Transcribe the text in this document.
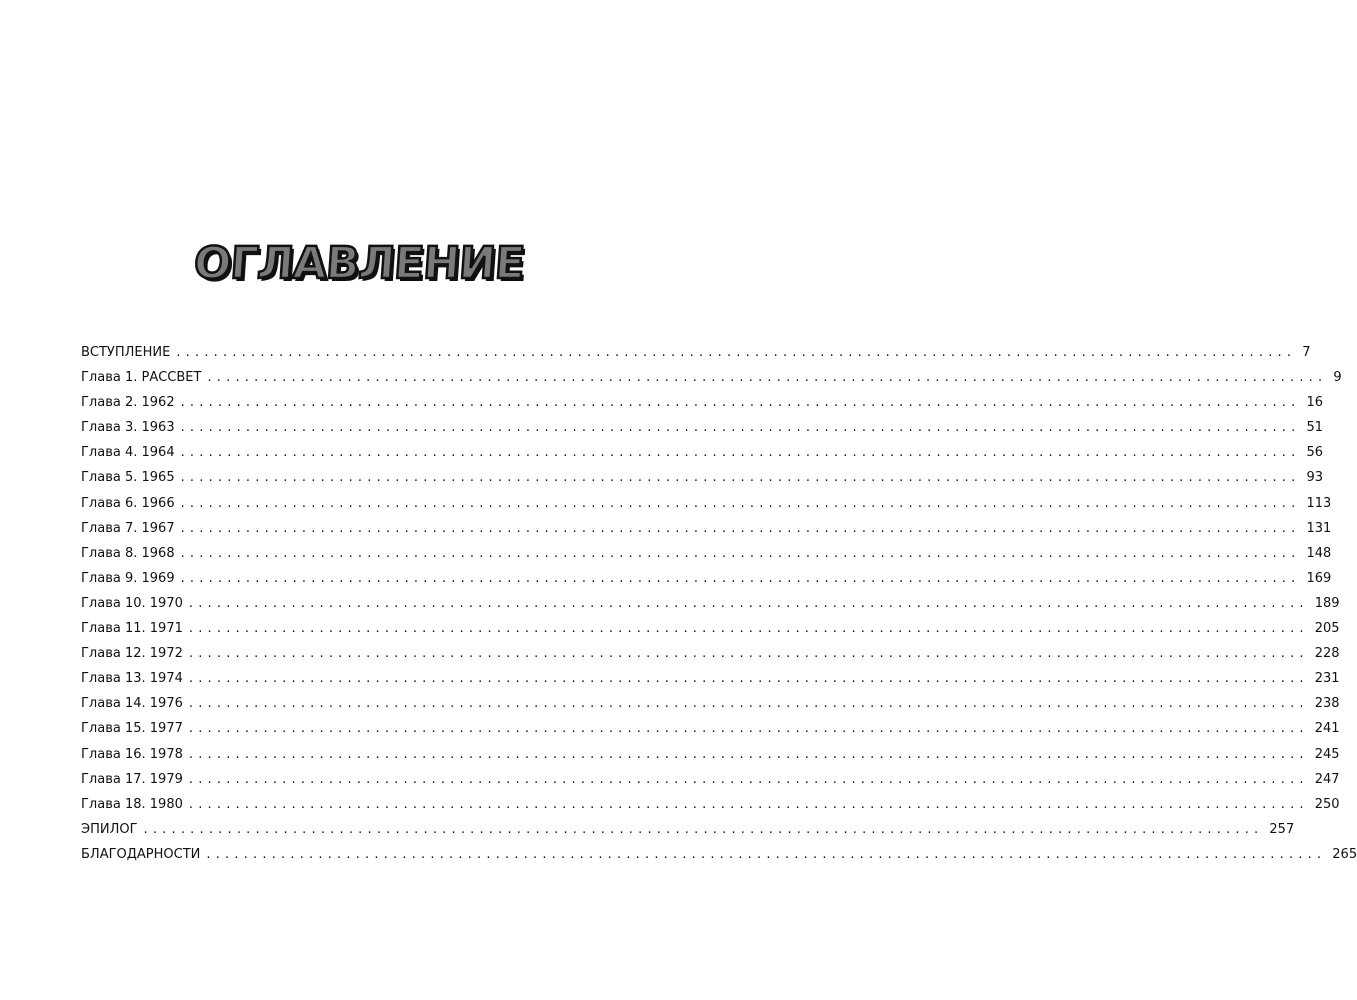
ОГЛАВЛЕНИЕ
ВСТУПЛЕНИЕ ........................................................................................................................ 7
Глава 1. РАССВЕТ ........................................................................................................................ 9
Глава 2. 1962 ........................................................................................................................ 16
Глава 3. 1963 ........................................................................................................................ 51
Глава 4. 1964 ........................................................................................................................ 56
Глава 5. 1965 ........................................................................................................................ 93
Глава 6. 1966 ........................................................................................................................ 113
Глава 7. 1967 ........................................................................................................................ 131
Глава 8. 1968 ........................................................................................................................ 148
Глава 9. 1969 ........................................................................................................................ 169
Глава 10. 1970 ........................................................................................................................ 189
Глава 11. 1971 ........................................................................................................................ 205
Глава 12. 1972 ........................................................................................................................ 228
Глава 13. 1974 ........................................................................................................................ 231
Глава 14. 1976 ........................................................................................................................ 238
Глава 15. 1977 ........................................................................................................................ 241
Глава 16. 1978 ........................................................................................................................ 245
Глава 17. 1979 ........................................................................................................................ 247
Глава 18. 1980 ........................................................................................................................ 250
ЭПИЛОГ ........................................................................................................................ 257
БЛАГОДАРНОСТИ ........................................................................................................................ 265
